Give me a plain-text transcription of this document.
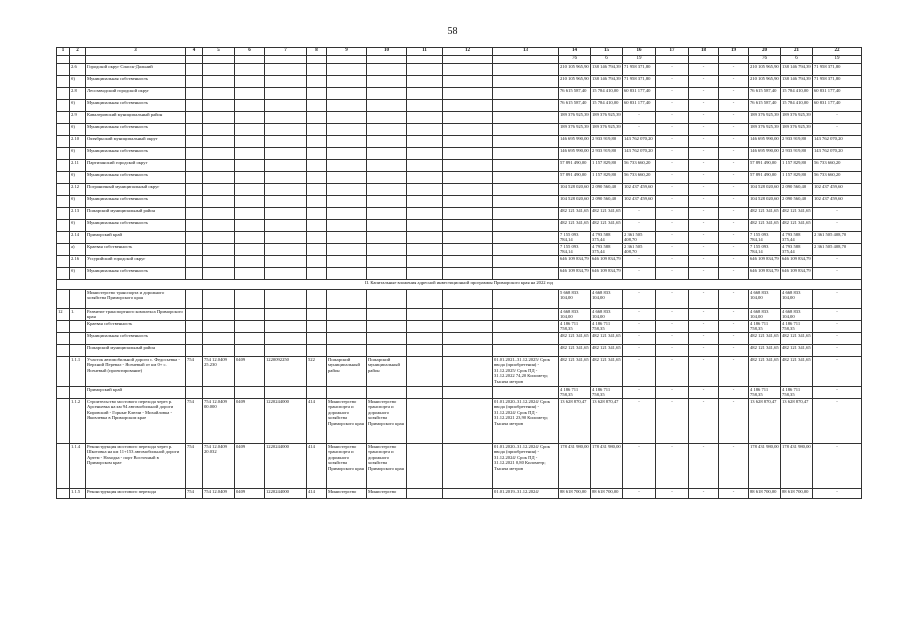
58
1	2	3	4	5	6	7	8	9	10	11	12	13	14	15	16	17	18	19	20	21	22
													76	6	19				76	6	19
	2.6	Городской округ Спасск-Дальний											210 105 965,90	138 146 794,39	71 958 371,80	-	-	-	210 105 965,90	138 146 794,39	71 958 371,80
	б)	Муниципальная собственность											210 105 965,90	138 146 794,39	71 958 371,80	-	-	-	210 105 965,90	138 146 794,39	71 958 371,80
	2.8	Лесозаводский городской округ											76 615 587,40	15 784 410,00	60 831 177,40	-	-	-	76 615 587,40	15 784 410,00	60 831 177,40
	б)	Муниципальная собственность											76 615 587,40	15 784 410,00	60 831 177,40	-	-	-	76 615 587,40	15 784 410,00	60 831 177,40
	2.9	Кавалеровский муниципальный район											189 376 925,39	189 376 925,39	-	-	-	-	189 376 925,39	189 376 925,39	-
	б)	Муниципальная собственность											189 376 925,39	189 376 925,39	-	-	-	-	189 376 925,39	189 376 925,39	-
	2.10	Октябрьский муниципальный округ											146 695 990,00	2 933 919,80	143 762 070,20	-	-	-	146 695 990,00	2 933 919,80	143 762 070,20
	б)	Муниципальная собственность											146 695 990,00	2 933 919,80	143 762 070,20	-	-	-	146 695 990,00	2 933 919,80	143 762 070,20
	2.11	Партизанский городской округ											57 891 490,00	1 157 829,80	56 733 660,20	-	-	-	57 891 490,00	1 157 829,80	56 733 660,20
	б)	Муниципальная собственность											57 891 490,00	1 157 829,80	56 733 660,20	-	-	-	57 891 490,00	1 157 829,80	56 733 660,20
	2.12	Пограничный муниципальный округ											104 528 020,60	2 090 560,40	102 437 459,60	-	-	-	104 528 020,60	2 090 560,40	102 437 459,60
	б)	Муниципальная собственность											104 528 020,60	2 090 560,40	102 437 459,60	-	-	-	104 528 020,60	2 090 560,40	102 437 459,60
	2.13	Пожарский муниципальный район											482 121 341,65	482 121 341,65	-	-	-	-	482 121 341,65	482 121 341,65	-
	б)	Муниципальная собственность											482 121 341,65	482 121 341,65	-	-	-	-	482 121 341,65	482 121 341,65	-
	2.14	Приморский край											7 155 093 784,14	4 793 588 375,44	2 361 505 408,70	-	-	-	7 155 093 784,14	4 793 588 375,44	2 361 505 408,70
	а)	Краевая собственность											7 155 093 784,14	4 793 588 375,44	2 361 505 408,70	-	-	-	7 155 093 784,14	4 793 588 375,44	2 361 505 408,70
	2.16	Уссурийский городской округ											646 109 834,79	646 109 834,79	-	-	-	-	646 109 834,79	646 109 834,79	-
	б)	Муниципальная собственность											646 109 834,79	646 109 834,79	-	-	-	-	646 109 834,79	646 109 834,79	-
II. Капитальные вложения адресной инвестиционной программы Приморского края на 2022 год																					
		Министерство транспорта и дорожного хозяйства Приморского края											5 668 833 104,00	4 668 833 104,00	-	-	-	-	4 668 833 104,00	4 668 833 104,00	-
12	1.	Развитие транспортного комплекса Приморского края											4 668 833 104,00	4 668 833 104,00	-	-	-	-	4 668 833 104,00	4 668 833 104,00	-
		Краевая собственность											4 186 711 758,35	4 186 711 758,35	-	-	-	-	4 186 711 758,35	4 186 711 758,35	-
		Муниципальная собственность											482 121 341,65	482 121 341,65	-	-	-	-	482 121 341,65	482 121 341,65	-
		Пожарский муниципальный район											482 121 341,65	482 121 341,65	-	-	-	-	482 121 341,65	482 121 341,65	-
	1.1.1	Участок автомобильной дороги с. Федосьевка - Верхний Перевал - Ясеневый от км 0+ с. Ясеневый (проектирование)	754	754 12.0409 25.230	0409	1220092250	522	Пожарский муниципальный район	Пожарский муниципальный район			01.01.2021–31.12.2025/ Срок ввода (приобретения) - 31.12.2025/ Срок ПД - 31.12.2022 74,20 Километр; Тысяча метров	482 121 341,65	482 121 341,65	-	-	-	-	482 121 341,65	482 121 341,65	-
		Приморский край											4 186 711 758,35	4 186 711 758,35	-	-	-	-	4 186 711 758,35	4 186 711 758,35	-
	1.1.2	Строительство мостового перехода через р. Арсеньевка на км 94 автомобильной дороги Кировский - Горные Ключи - Михайловка - Яковлевка в Приморском крае	754	754 12.0409 00.000	0409	1220244000	414	Министерство транспорта и дорожного хозяйства Приморского края	Министерство транспорта и дорожного хозяйства Приморского края			01.01.2020–31.12.2024/ Срок ввода (приобретения) - 31.12.2024/ Срок ПД - 31.12.2021 23,90 Километр; Тысяча метров	13 628 870,47	13 628 870,47	-	-	-	-	13 628 870,47	13 628 870,47	-
	1.1.4	Реконструкция мостового перехода через р. Шкотовка на км 11+153 автомобильной дороги Артем - Находка - порт Восточный в Приморском крае	754	754 12.0409 20.032	0409	1220244000	414	Министерство транспорта и дорожного хозяйства Приморского края	Министерство транспорта и дорожного хозяйства Приморского края			01.01.2020–31.12.2024/ Срок ввода (приобретения) - 31.12.2024/ Срок ПД - 31.12.2021 0,80 Километр; Тысяча метров	178 431 980,00	178 431 980,00	-	-	-	-	178 431 980,00	178 431 980,00	-
	1.1.5	Реконструкция мостового перехода	754	754 12.0409	0409	1220244000	414	Министерство	Министерство			01.01.2019–31.12.2024/	88 618 700,00	88 618 700,00	-	-	-	-	88 618 700,00	88 618 700,00	-
